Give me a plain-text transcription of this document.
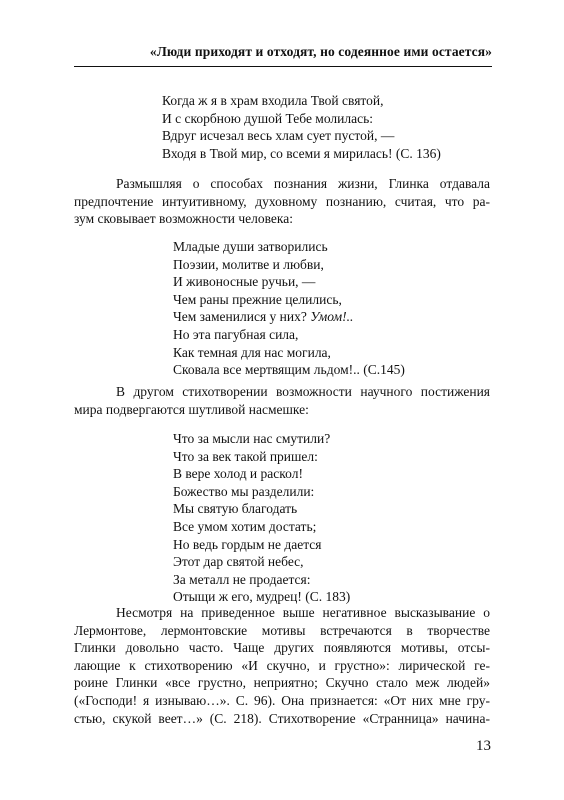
«Люди приходят и отходят, но содеянное ими остается»
Когда ж я в храм входила Твой святой,
И с скорбною душой Тебе молилась:
Вдруг исчезал весь хлам сует пустой, —
Входя в Твой мир, со всеми я мирилась! (С. 136)
Размышляя о способах познания жизни, Глинка отдавала
предпочтение интуитивному, духовному познанию, считая, что ра-
зум сковывает возможности человека:
Младые души затворились
Поэзии, молитве и любви,
И живоносные ручьи, —
Чем раны прежние целились,
Чем заменилися у них? Умом!..
Но эта пагубная сила,
Как темная для нас могила,
Сковала все мертвящим льдом!.. (С.145)
В другом стихотворении возможности научного постижения
мира подвергаются шутливой насмешке:
Что за мысли нас смутили?
Что за век такой пришел:
В вере холод и раскол!
Божество мы разделили:
Мы святую благодать
Все умом хотим достать;
Но ведь гордым не дается
Этот дар святой небес,
За металл не продается:
Отыщи ж его, мудрец! (С. 183)
Несмотря на приведенное выше негативное высказывание о
Лермонтове, лермонтовские мотивы встречаются в творчестве
Глинки довольно часто. Чаще других появляются мотивы, отсы-
лающие к стихотворению «И скучно, и грустно»: лирической ге-
роине Глинки «все грустно, неприятно; Скучно стало меж людей»
(«Господи! я изнываю…». С. 96). Она признается: «От них мне гру-
стью, скукой веет…» (С. 218). Стихотворение «Странница» начина-
13
